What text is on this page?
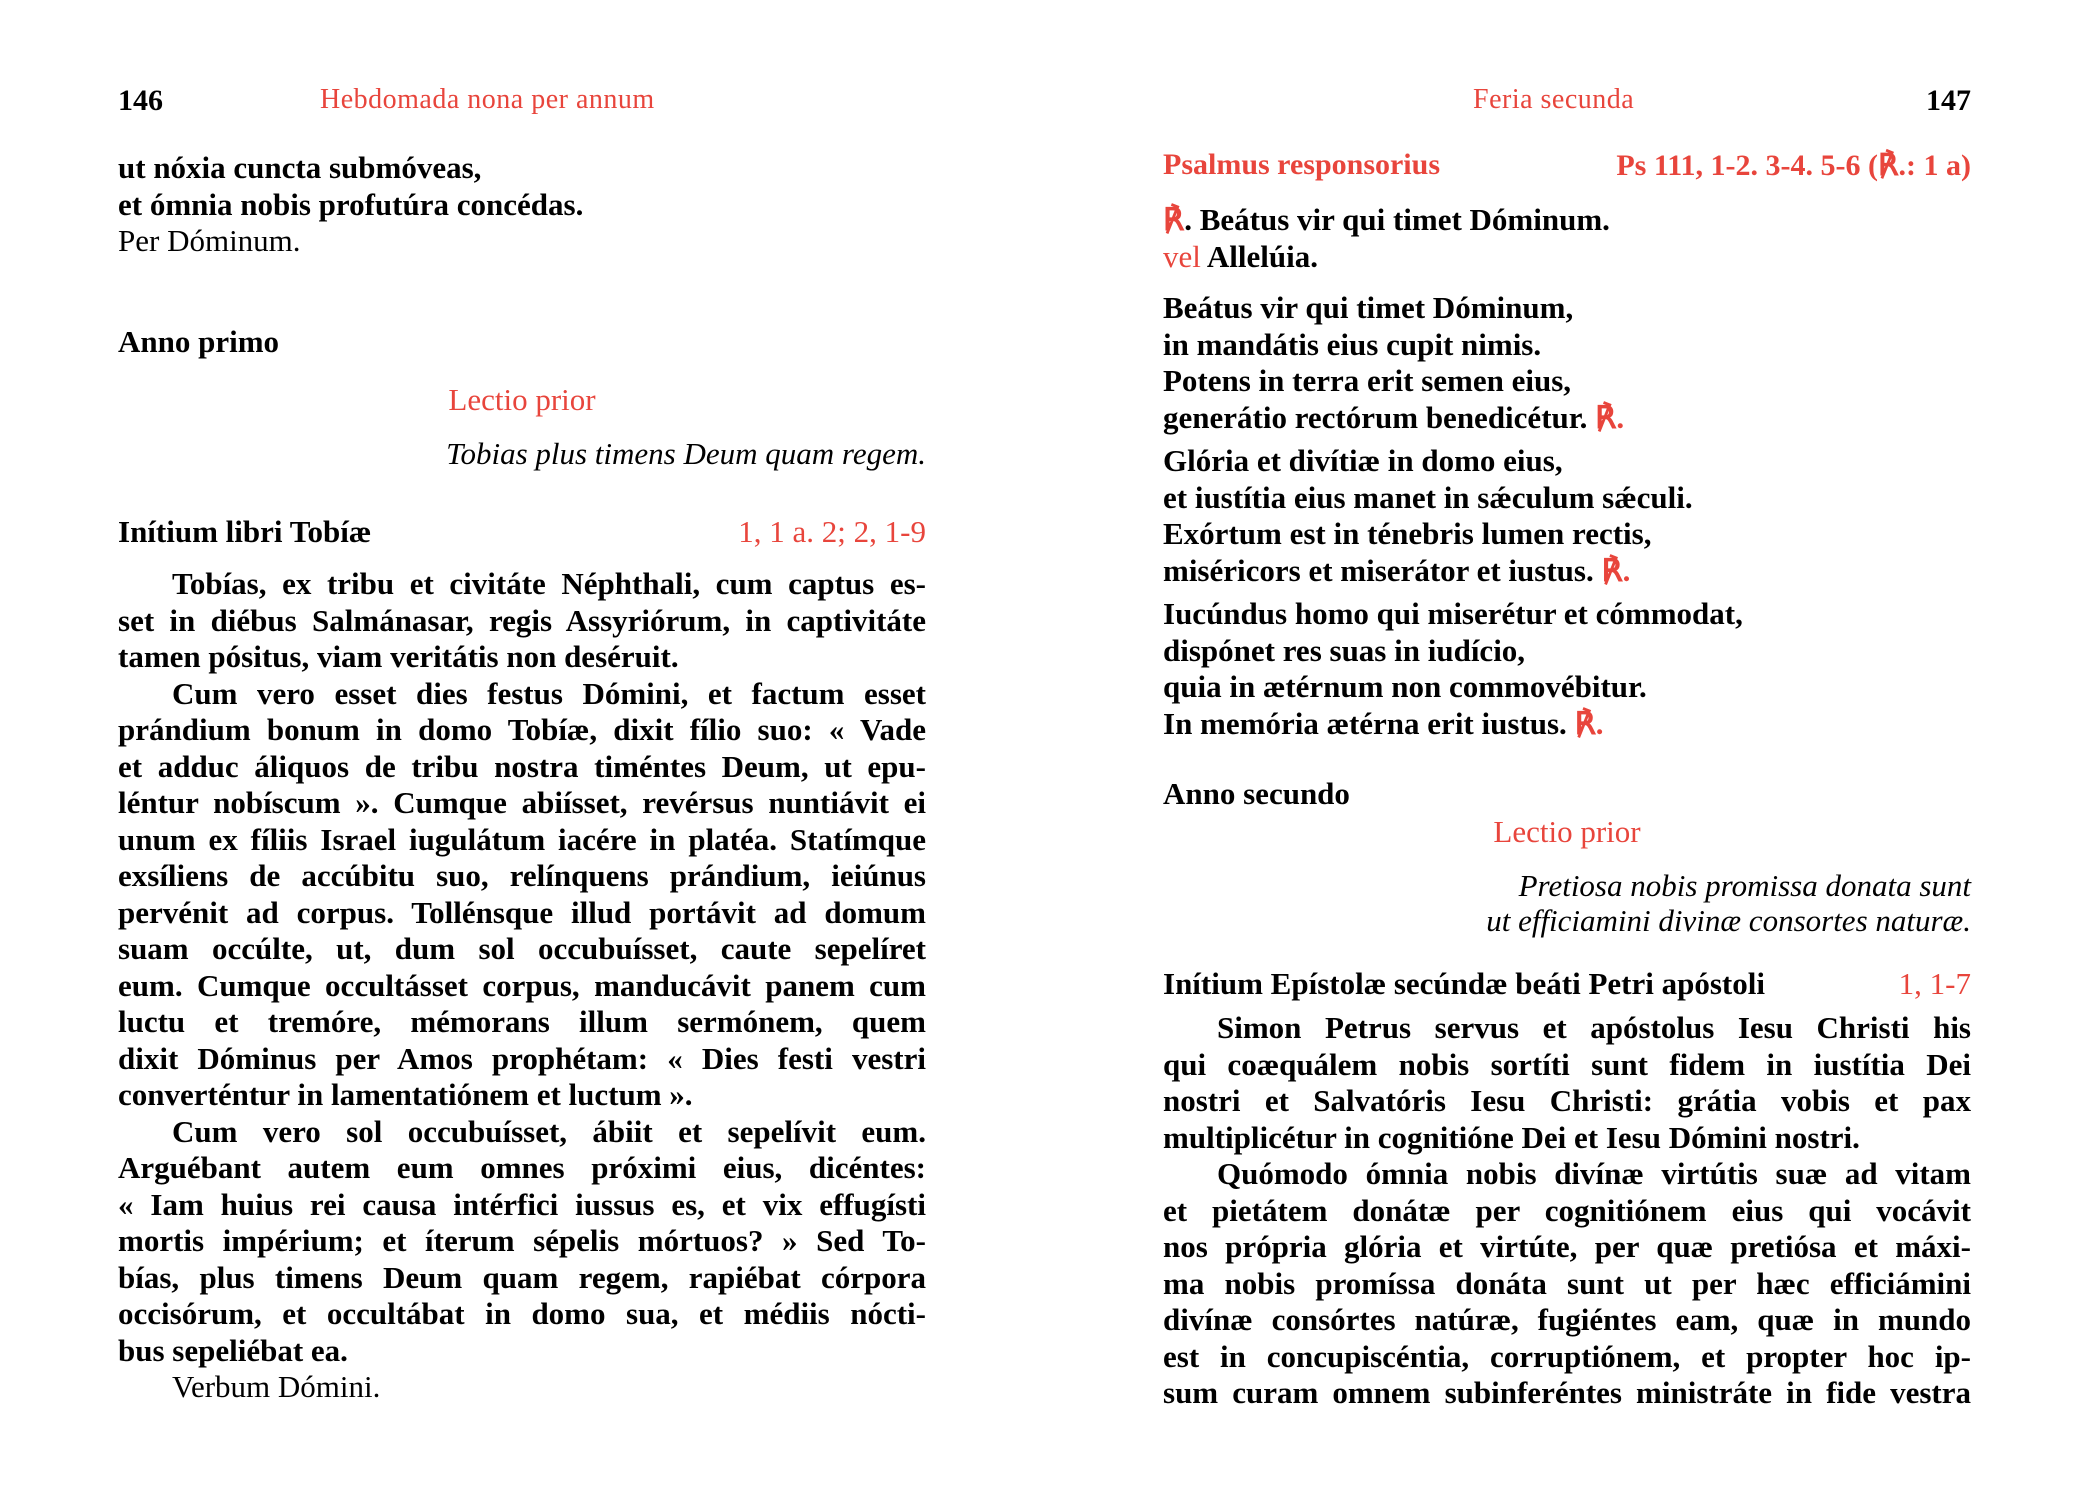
146	Hebdomada nona per annum
ut nóxia cuncta submóveas,
et ómnia nobis profutúra concédas.
Per Dóminum.
Anno primo
Lectio prior
Tobias plus timens Deum quam regem.
Inítium libri Tobíæ	1, 1 a. 2; 2, 1-9

Tobías, ex tribu et civitáte Néphthali, cum captus es-

set in diébus Salmánasar, regis Assyriórum, in captivitáte

tamen pósitus, viam veritátis non deséruit.

Cum vero esset dies festus Dómini, et factum esset

prándium bonum in domo Tobíæ, dixit fílio suo: « Vade

et adduc áliquos de tribu nostra timéntes Deum, ut epu-

léntur nobíscum ». Cumque abiísset, revérsus nuntiávit ei

unum ex fíliis Israel iugulátum iacére in platéa. Statímque

exsíliens de accúbitu suo, relínquens prándium, ieiúnus

pervénit ad corpus. Tollénsque illud portávit ad domum

suam occúlte, ut, dum sol occubuísset, caute sepelíret

eum. Cumque occultásset corpus, manducávit panem cum

luctu et tremóre, mémorans illum sermónem, quem

dixit Dóminus per Amos prophétam: « Dies festi vestri

converténtur in lamentatiónem et luctum ».

Cum vero sol occubuísset, ábiit et sepelívit eum.

Arguébant autem eum omnes próximi eius, dicéntes:

« Iam huius rei causa intérfici iussus es, et vix effugísti

mortis impérium; et íterum sépelis mórtuos? » Sed To-

bías, plus timens Deum quam regem, rapiébat córpora

occisórum, et occultábat in domo sua, et médiis nócti-

bus sepeliébat ea.

Verbum Dómini.

Feria secunda	147
Psalmus responsorius	Ps 111, 1-2. 3-4. 5-6 (℟.: 1 a)
℟. Beátus vir qui timet Dóminum.
vel Allelúia.
Beátus vir qui timet Dóminum,
in mandátis eius cupit nimis.
Potens in terra erit semen eius,
generátio rectórum benedicétur. ℟.
Glória et divítiæ in domo eius,
et iustítia eius manet in sǽculum sǽculi.
Exórtum est in ténebris lumen rectis,
miséricors et miserátor et iustus. ℟.
Iucúndus homo qui miserétur et cómmodat,
dispónet res suas in iudício,
quia in ætérnum non commovébitur.
In memória ætérna erit iustus. ℟.
Anno secundo
Lectio prior
Pretiosa nobis promissa donata sunt
ut efficiamini divinæ consortes naturæ.
Inítium Epístolæ secúndæ beáti Petri apóstoli	1, 1-7

Simon Petrus servus et apóstolus Iesu Christi his

qui coæquálem nobis sortíti sunt fidem in iustítia Dei

nostri et Salvatóris Iesu Christi: grátia vobis et pax

multiplicétur in cognitióne Dei et Iesu Dómini nostri.

Quómodo ómnia nobis divínæ virtútis suæ ad vitam

et pietátem donátæ per cognitiónem eius qui vocávit

nos própria glória et virtúte, per quæ pretiósa et máxi-

ma nobis promíssa donáta sunt ut per hæc efficiámini

divínæ consórtes natúræ, fugiéntes eam, quæ in mundo

est in concupiscéntia, corruptiónem, et propter hoc ip-

sum curam omnem subinferéntes ministráte in fide vestra
